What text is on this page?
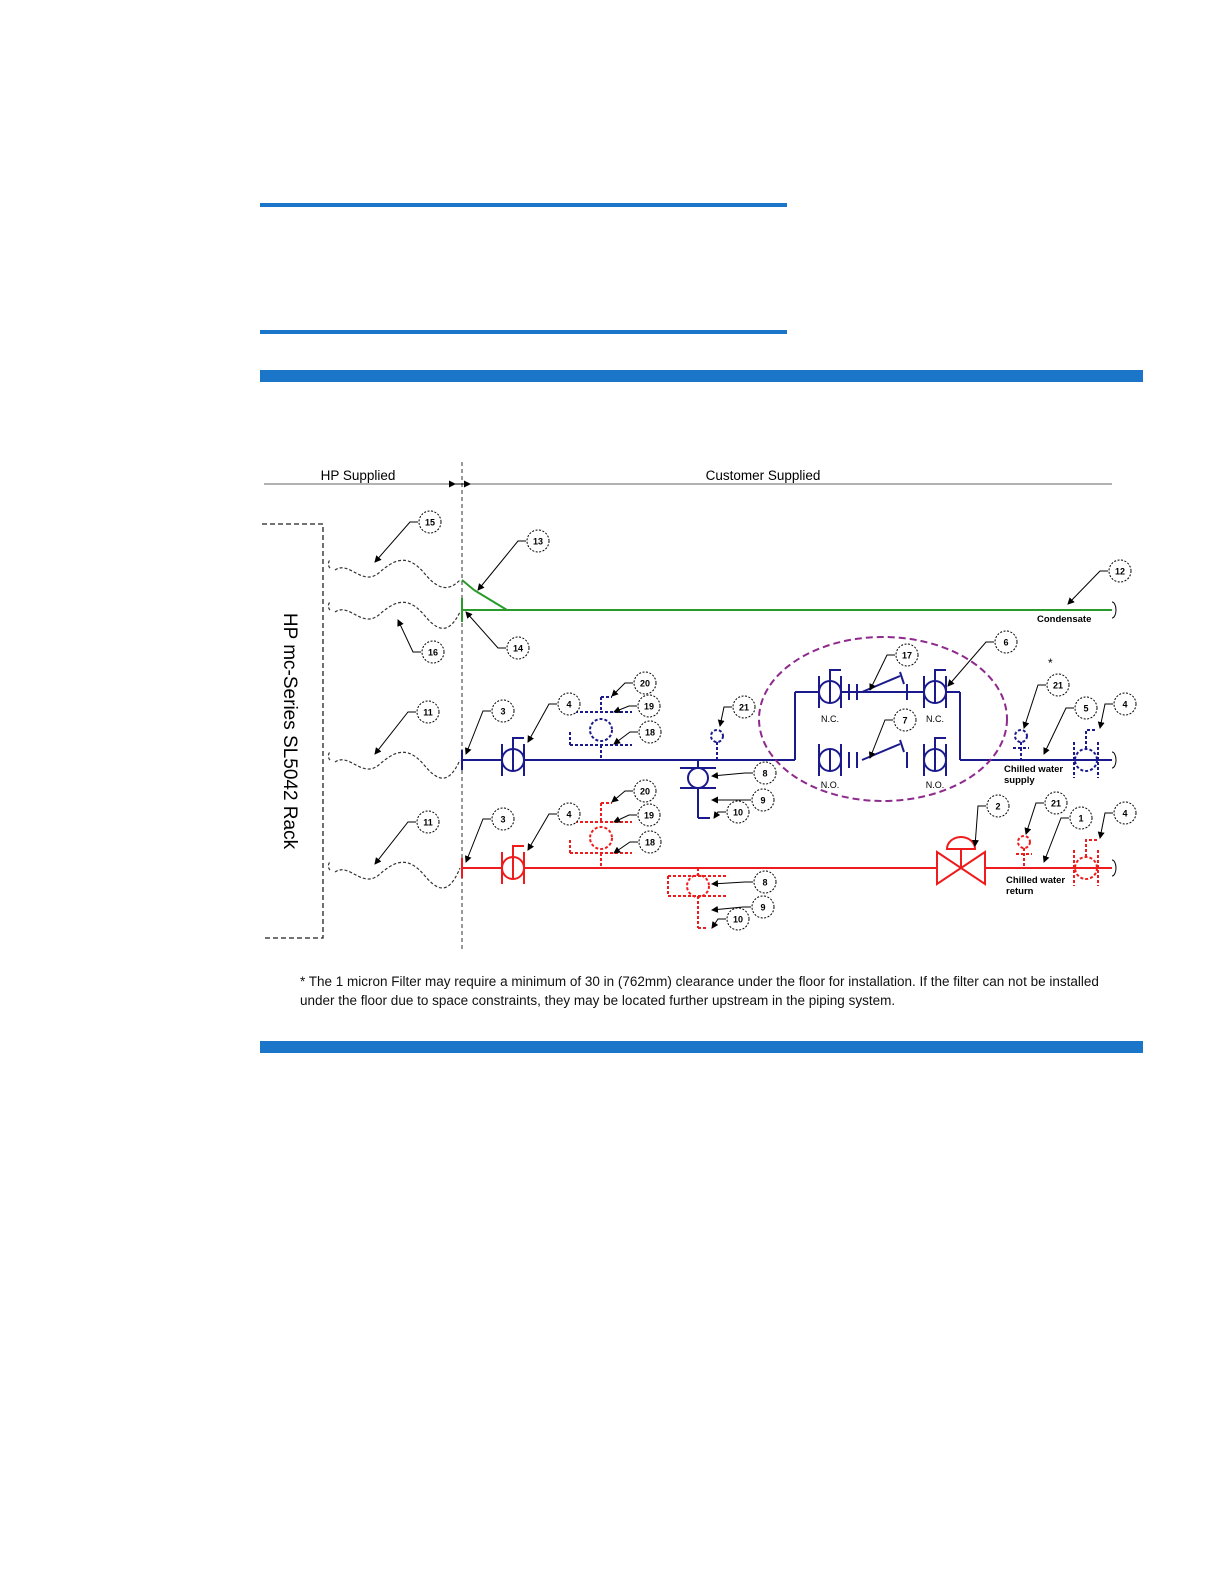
HP Supplied	Customer Supplied
HP mc-Series SL5042 Rack	Condensate
Chilled water
supply
N.C.	N.C.
N.O.	N.O.
*
Chilled water
return
15
13
12
16	14
6
17
20
19
18
21
21
11	3
4
7
5	4
8
9
10
11	3	4
20
19
18
2	21
1	4
8
9
10
* The 1 micron Filter may require a minimum of 30 in (762mm) clearance under the floor for installation. If the filter can not be installed under the floor due to space constraints, they may be located further upstream in the piping system.
